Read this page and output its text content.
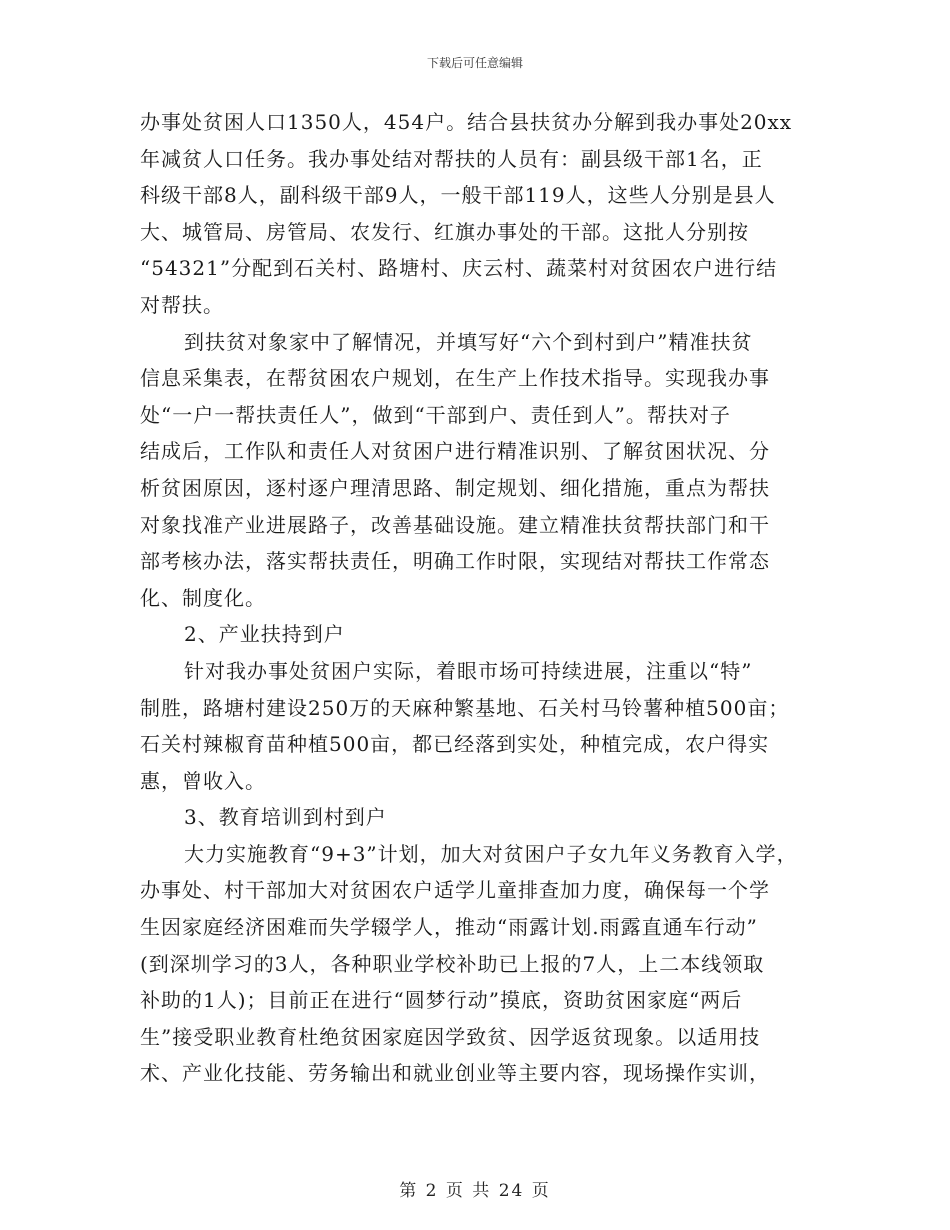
下载后可任意编辑
办事处贫困人口1350人，454户。结合县扶贫办分解到我办事处20xx
年减贫人口任务。我办事处结对帮扶的人员有：副县级干部1名，正
科级干部8人，副科级干部9人，一般干部119人，这些人分别是县人
大、城管局、房管局、农发行、红旗办事处的干部。这批人分别按
“54321”分配到石关村、路塘村、庆云村、蔬菜村对贫困农户进行结
对帮扶。
到扶贫对象家中了解情况，并填写好“六个到村到户”精准扶贫
信息采集表，在帮贫困农户规划，在生产上作技术指导。实现我办事
处“一户一帮扶责任人”，做到“干部到户、责任到人”。帮扶对子
结成后，工作队和责任人对贫困户进行精准识别、了解贫困状况、分
析贫困原因，逐村逐户理清思路、制定规划、细化措施，重点为帮扶
对象找准产业进展路子，改善基础设施。建立精准扶贫帮扶部门和干
部考核办法，落实帮扶责任，明确工作时限，实现结对帮扶工作常态
化、制度化。
2、产业扶持到户
针对我办事处贫困户实际，着眼市场可持续进展，注重以“特”
制胜，路塘村建设250万的天麻种繁基地、石关村马铃薯种植500亩；
石关村辣椒育苗种植500亩，都已经落到实处，种植完成，农户得实
惠，曾收入。
3、教育培训到村到户
大力实施教育“9+3”计划，加大对贫困户子女九年义务教育入学，
办事处、村干部加大对贫困农户适学儿童排查加力度，确保每一个学
生因家庭经济困难而失学辍学人，推动“雨露计划.雨露直通车行动”
(到深圳学习的3人，各种职业学校补助已上报的7人，上二本线领取
补助的1人)；目前正在进行“圆梦行动”摸底，资助贫困家庭“两后
生”接受职业教育杜绝贫困家庭因学致贫、因学返贫现象。以适用技
术、产业化技能、劳务输出和就业创业等主要内容，现场操作实训，
第 2 页 共 24 页
